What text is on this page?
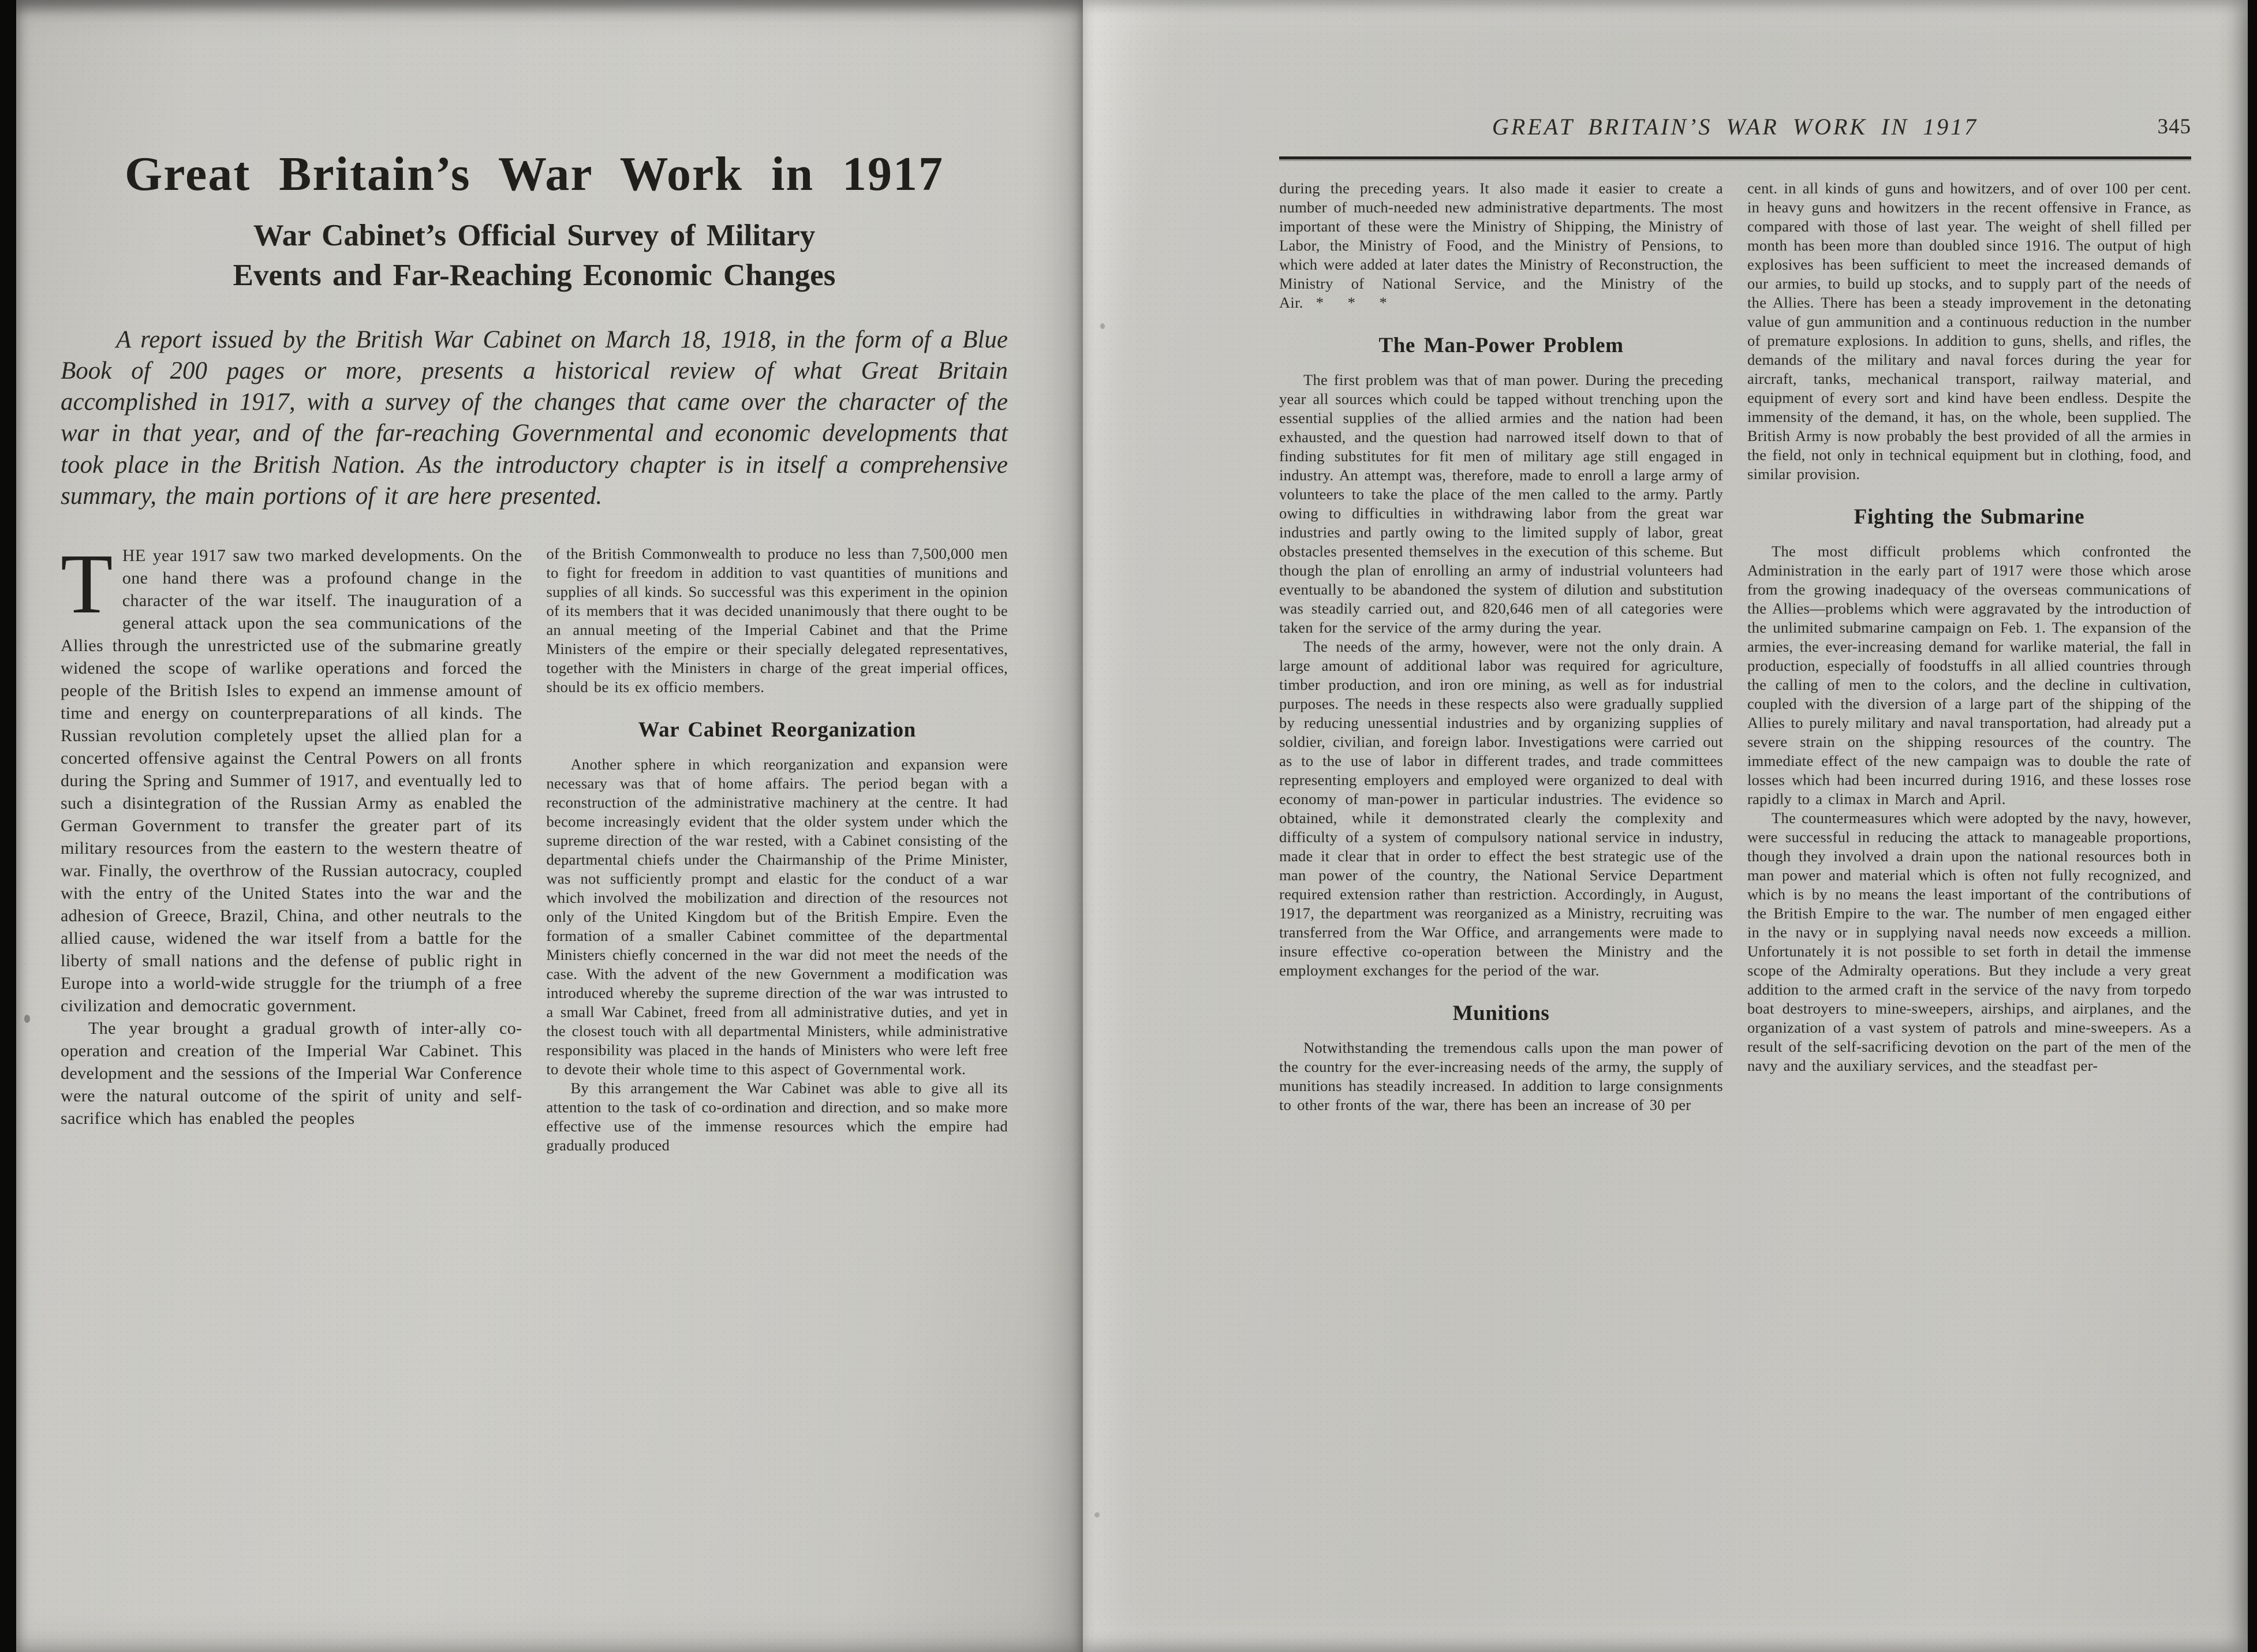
Great Britain’s War Work in 1917
War Cabinet’s Official Survey of Military
Events and Far-Reaching Economic Changes

A report issued by the British War Cabinet on March 18, 1918, in the form of a Blue Book of 200 pages or more, presents a historical review of what Great Britain accomplished in 1917, with a survey of the changes that came over the character of the war in that year, and of the far-reaching Governmental and economic developments that took place in the British Nation. As the introductory chapter is in itself a comprehensive summary, the main portions of it are here presented.

THE year 1917 saw two marked developments. On the one hand there was a profound change in the character of the war itself. The inauguration of a general attack upon the sea communications of the Allies through the unrestricted use of the submarine greatly widened the scope of warlike operations and forced the people of the British Isles to expend an immense amount of time and energy on counterpreparations of all kinds. The Russian revolution completely upset the allied plan for a concerted offensive against the Central Powers on all fronts during the Spring and Summer of 1917, and eventually led to such a disintegration of the Russian Army as enabled the German Government to transfer the greater part of its military resources from the eastern to the western theatre of war. Finally, the overthrow of the Russian autocracy, coupled with the entry of the United States into the war and the adhesion of Greece, Brazil, China, and other neutrals to the allied cause, widened the war itself from a battle for the liberty of small nations and the defense of public right in Europe into a world-wide struggle for the triumph of a free civilization and democratic government.

The year brought a gradual growth of inter-ally co-operation and creation of the Imperial War Cabinet. This development and the sessions of the Imperial War Conference were the natural outcome of the spirit of unity and self-sacrifice which has enabled the peoples

of the British Commonwealth to produce no less than 7,500,000 men to fight for freedom in addition to vast quantities of munitions and supplies of all kinds. So successful was this experiment in the opinion of its members that it was decided unanimously that there ought to be an annual meeting of the Imperial Cabinet and that the Prime Ministers of the empire or their specially delegated representatives, together with the Ministers in charge of the great imperial offices, should be its ex officio members.

War Cabinet Reorganization

Another sphere in which reorganization and expansion were necessary was that of home affairs. The period began with a reconstruction of the administrative machinery at the centre. It had become increasingly evident that the older system under which the supreme direction of the war rested, with a Cabinet consisting of the departmental chiefs under the Chairmanship of the Prime Minister, was not sufficiently prompt and elastic for the conduct of a war which involved the mobilization and direction of the resources not only of the United Kingdom but of the British Empire. Even the formation of a smaller Cabinet committee of the departmental Ministers chiefly concerned in the war did not meet the needs of the case. With the advent of the new Government a modification was introduced whereby the supreme direction of the war was intrusted to a small War Cabinet, freed from all administrative duties, and yet in the closest touch with all departmental Ministers, while administrative responsibility was placed in the hands of Ministers who were left free to devote their whole time to this aspect of Governmental work.

By this arrangement the War Cabinet was able to give all its attention to the task of co-ordination and direction, and so make more effective use of the immense resources which the empire had gradually produced

GREAT BRITAIN’S WAR WORK IN 1917	345

during the preceding years. It also made it easier to create a number of much-needed new administrative departments. The most important of these were the Ministry of Shipping, the Ministry of Labor, the Ministry of Food, and the Ministry of Pensions, to which were added at later dates the Ministry of Reconstruction, the Ministry of National Service, and the Ministry of the Air. * * *

The Man-Power Problem

The first problem was that of man power. During the preceding year all sources which could be tapped without trenching upon the essential supplies of the allied armies and the nation had been exhausted, and the question had narrowed itself down to that of finding substitutes for fit men of military age still engaged in industry. An attempt was, therefore, made to enroll a large army of volunteers to take the place of the men called to the army. Partly owing to difficulties in withdrawing labor from the great war industries and partly owing to the limited supply of labor, great obstacles presented themselves in the execution of this scheme. But though the plan of enrolling an army of industrial volunteers had eventually to be abandoned the system of dilution and substitution was steadily carried out, and 820,646 men of all categories were taken for the service of the army during the year.

The needs of the army, however, were not the only drain. A large amount of additional labor was required for agriculture, timber production, and iron ore mining, as well as for industrial purposes. The needs in these respects also were gradually supplied by reducing unessential industries and by organizing supplies of soldier, civilian, and foreign labor. Investigations were carried out as to the use of labor in different trades, and trade committees representing employers and employed were organized to deal with economy of man-power in particular industries. The evidence so obtained, while it demonstrated clearly the complexity and difficulty of a system of compulsory national service in industry, made it clear that in order to effect the best strategic use of the man power of the country, the National Service Department required extension rather than restriction. Accordingly, in August, 1917, the department was reorganized as a Ministry, recruiting was transferred from the War Office, and arrangements were made to insure effective co-operation between the Ministry and the employment exchanges for the period of the war.

Munitions

Notwithstanding the tremendous calls upon the man power of the country for the ever-increasing needs of the army, the supply of munitions has steadily increased. In addition to large consignments to other fronts of the war, there has been an increase of 30 per

cent. in all kinds of guns and howitzers, and of over 100 per cent. in heavy guns and howitzers in the recent offensive in France, as compared with those of last year. The weight of shell filled per month has been more than doubled since 1916. The output of high explosives has been sufficient to meet the increased demands of our armies, to build up stocks, and to supply part of the needs of the Allies. There has been a steady improvement in the detonating value of gun ammunition and a continuous reduction in the number of premature explosions. In addition to guns, shells, and rifles, the demands of the military and naval forces during the year for aircraft, tanks, mechanical transport, railway material, and equipment of every sort and kind have been endless. Despite the immensity of the demand, it has, on the whole, been supplied. The British Army is now probably the best provided of all the armies in the field, not only in technical equipment but in clothing, food, and similar provision.

Fighting the Submarine

The most difficult problems which confronted the Administration in the early part of 1917 were those which arose from the growing inadequacy of the overseas communications of the Allies—problems which were aggravated by the introduction of the unlimited submarine campaign on Feb. 1. The expansion of the armies, the ever-increasing demand for warlike material, the fall in production, especially of foodstuffs in all allied countries through the calling of men to the colors, and the decline in cultivation, coupled with the diversion of a large part of the shipping of the Allies to purely military and naval transportation, had already put a severe strain on the shipping resources of the country. The immediate effect of the new campaign was to double the rate of losses which had been incurred during 1916, and these losses rose rapidly to a climax in March and April.

The countermeasures which were adopted by the navy, however, were successful in reducing the attack to manageable proportions, though they involved a drain upon the national resources both in man power and material which is often not fully recognized, and which is by no means the least important of the contributions of the British Empire to the war. The number of men engaged either in the navy or in supplying naval needs now exceeds a million. Unfortunately it is not possible to set forth in detail the immense scope of the Admiralty operations. But they include a very great addition to the armed craft in the service of the navy from torpedo boat destroyers to mine-sweepers, airships, and airplanes, and the organization of a vast system of patrols and mine-sweepers. As a result of the self-sacrificing devotion on the part of the men of the navy and the auxiliary services, and the steadfast per-
